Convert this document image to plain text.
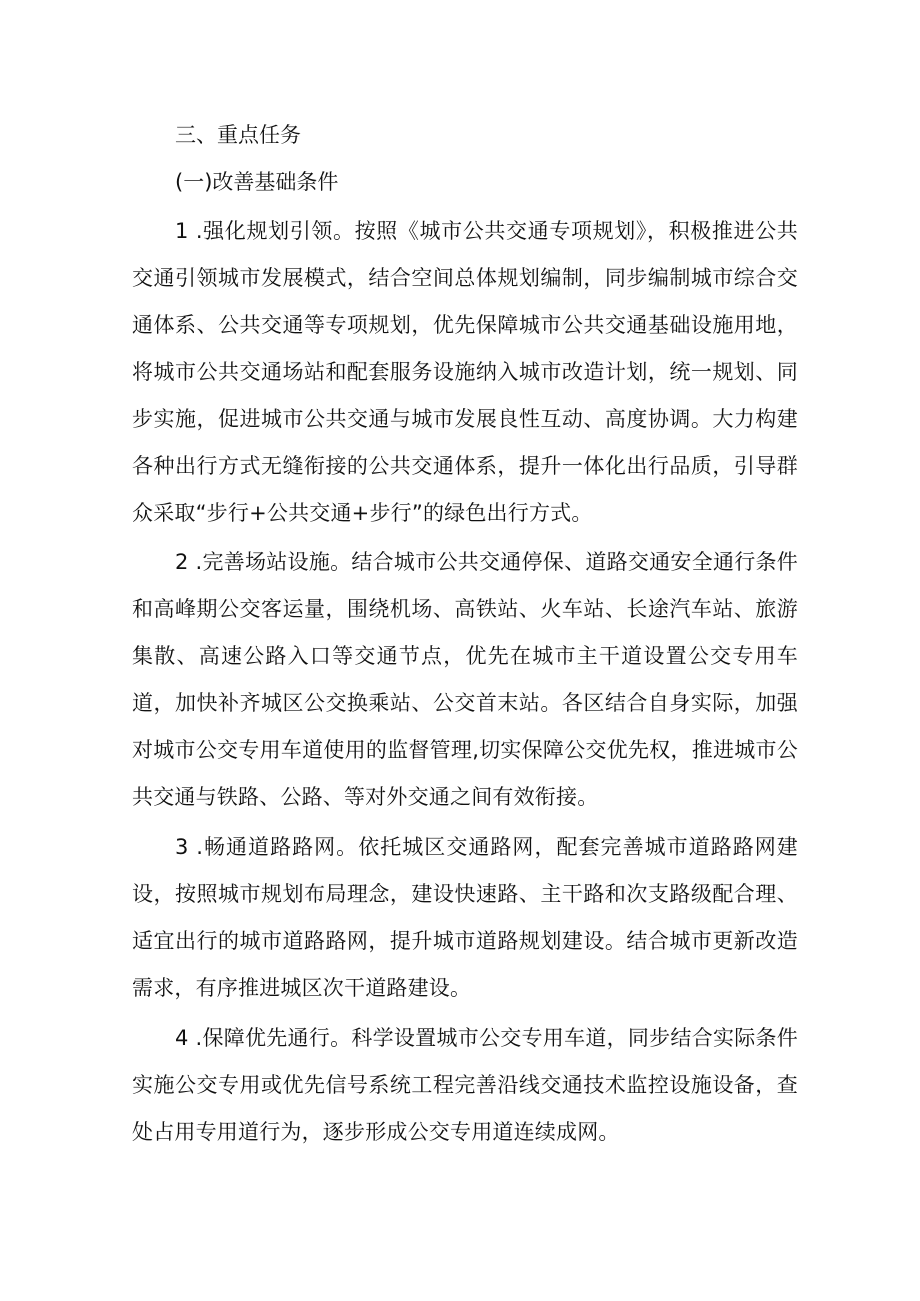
三、重点任务

(一)改善基础条件

1 .强化规划引领。按照《城市公共交通专项规划》，积极推进公共交通引领城市发展模式，结合空间总体规划编制，同步编制城市综合交通体系、公共交通等专项规划，优先保障城市公共交通基础设施用地，将城市公共交通场站和配套服务设施纳入城市改造计划，统一规划、同步实施，促进城市公共交通与城市发展良性互动、高度协调。大力构建各种出行方式无缝衔接的公共交通体系，提升一体化出行品质，引导群众采取“步行+公共交通+步行”的绿色出行方式。

2 .完善场站设施。结合城市公共交通停保、道路交通安全通行条件和高峰期公交客运量，围绕机场、高铁站、火车站、长途汽车站、旅游集散、高速公路入口等交通节点，优先在城市主干道设置公交专用车道，加快补齐城区公交换乘站、公交首末站。各区结合自身实际，加强对城市公交专用车道使用的监督管理,切实保障公交优先权，推进城市公共交通与铁路、公路、等对外交通之间有效衔接。

3 .畅通道路路网。依托城区交通路网，配套完善城市道路路网建设，按照城市规划布局理念，建设快速路、主干路和次支路级配合理、适宜出行的城市道路路网，提升城市道路规划建设。结合城市更新改造需求，有序推进城区次干道路建设。

4 .保障优先通行。科学设置城市公交专用车道，同步结合实际条件实施公交专用或优先信号系统工程完善沿线交通技术监控设施设备，查处占用专用道行为，逐步形成公交专用道连续成网。
